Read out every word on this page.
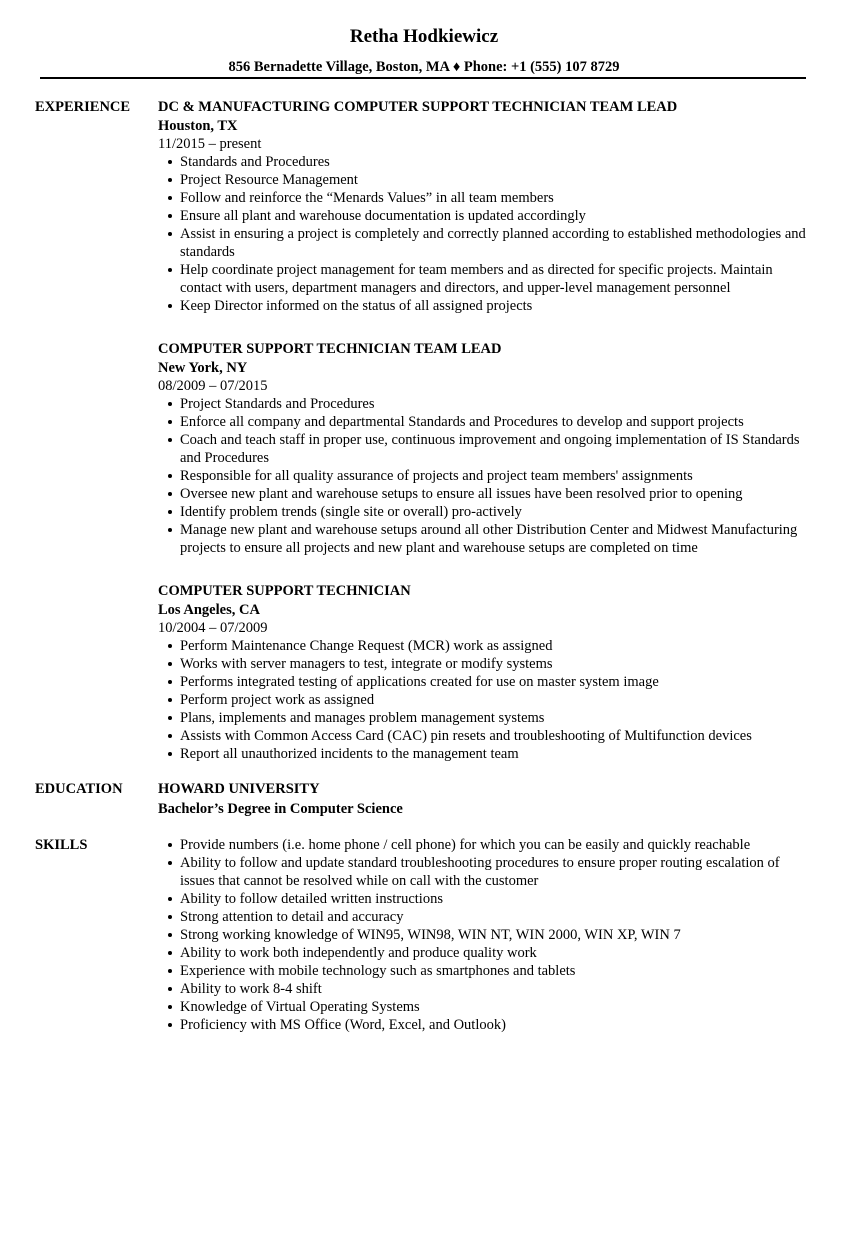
Retha Hodkiewicz
856 Bernadette Village, Boston, MA ♦ Phone: +1 (555) 107 8729
EXPERIENCE	DC & MANUFACTURING COMPUTER SUPPORT TECHNICIAN TEAM LEAD
Houston, TX
11/2015 – present
Standards and Procedures
Project Resource Management
Follow and reinforce the “Menards Values” in all team members
Ensure all plant and warehouse documentation is updated accordingly
Assist in ensuring a project is completely and correctly planned according to established methodologies and standards
Help coordinate project management for team members and as directed for specific projects. Maintain contact with users, department managers and directors, and upper-level management personnel
Keep Director informed on the status of all assigned projects
COMPUTER SUPPORT TECHNICIAN TEAM LEAD
New York, NY
08/2009 – 07/2015
Project Standards and Procedures
Enforce all company and departmental Standards and Procedures to develop and support projects
Coach and teach staff in proper use, continuous improvement and ongoing implementation of IS Standards and Procedures
Responsible for all quality assurance of projects and project team members' assignments
Oversee new plant and warehouse setups to ensure all issues have been resolved prior to opening
Identify problem trends (single site or overall) pro-actively
Manage new plant and warehouse setups around all other Distribution Center and Midwest Manufacturing projects to ensure all projects and new plant and warehouse setups are completed on time
COMPUTER SUPPORT TECHNICIAN
Los Angeles, CA
10/2004 – 07/2009
Perform Maintenance Change Request (MCR) work as assigned
Works with server managers to test, integrate or modify systems
Performs integrated testing of applications created for use on master system image
Perform project work as assigned
Plans, implements and manages problem management systems
Assists with Common Access Card (CAC) pin resets and troubleshooting of Multifunction devices
Report all unauthorized incidents to the management team
EDUCATION	HOWARD UNIVERSITY
Bachelor’s Degree in Computer Science
SKILLS	Provide numbers (i.e. home phone / cell phone) for which you can be easily and quickly reachable
Ability to follow and update standard troubleshooting procedures to ensure proper routing escalation of issues that cannot be resolved while on call with the customer
Ability to follow detailed written instructions
Strong attention to detail and accuracy
Strong working knowledge of WIN95, WIN98, WIN NT, WIN 2000, WIN XP, WIN 7
Ability to work both independently and produce quality work
Experience with mobile technology such as smartphones and tablets
Ability to work 8-4 shift
Knowledge of Virtual Operating Systems
Proficiency with MS Office (Word, Excel, and Outlook)
